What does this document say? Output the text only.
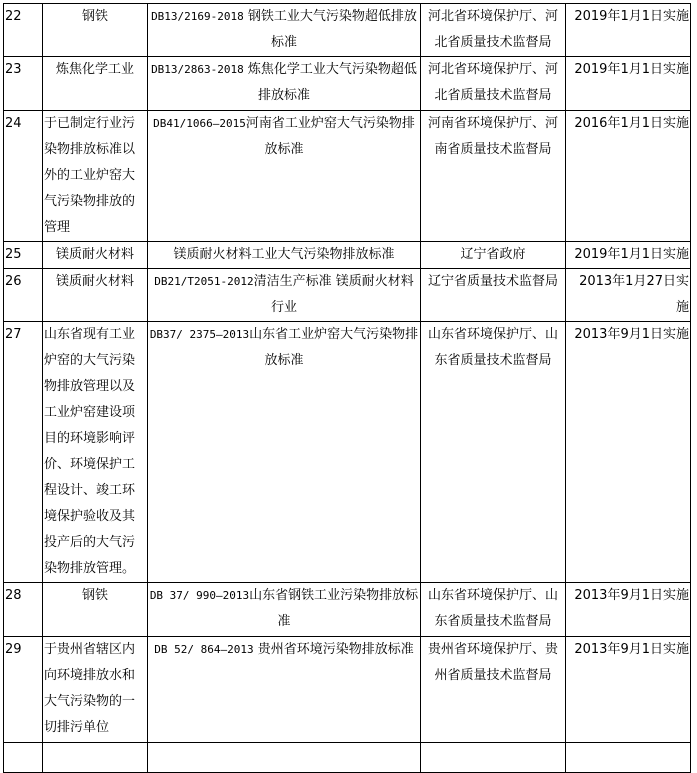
22	钢铁	DB13/2169-2018 钢铁工业大气污染物超低排放标准	河北省环境保护厅、河北省质量技术监督局	2019年1月1日实施
23	炼焦化学工业	DB13/2863-2018 炼焦化学工业大气污染物超低排放标准	河北省环境保护厅、河北省质量技术监督局	2019年1月1日实施
24	于已制定行业污染物排放标准以外的工业炉窑大气污染物排放的管理	DB41/1066—2015河南省工业炉窑大气污染物排放标准	河南省环境保护厅、河南省质量技术监督局	2016年1月1日实施
25	镁质耐火材料	镁质耐火材料工业大气污染物排放标准	辽宁省政府	2019年1月1日实施
26	镁质耐火材料	DB21/T2051-2012清洁生产标准 镁质耐火材料行业	辽宁省质量技术监督局	2013年1月27日实施
27	山东省现有工业炉窑的大气污染物排放管理以及工业炉窑建设项目的环境影响评价、环境保护工程设计、竣工环境保护验收及其投产后的大气污染物排放管理。	DB37/ 2375—2013山东省工业炉窑大气污染物排放标准	山东省环境保护厅、山东省质量技术监督局	2013年9月1日实施
28	钢铁	DB 37/ 990—2013山东省钢铁工业污染物排放标准	山东省环境保护厅、山东省质量技术监督局	2013年9月1日实施
29	于贵州省辖区内向环境排放水和大气污染物的一切排污单位	DB 52/ 864—2013 贵州省环境污染物排放标准	贵州省环境保护厅、贵州省质量技术监督局	2013年9月1日实施
